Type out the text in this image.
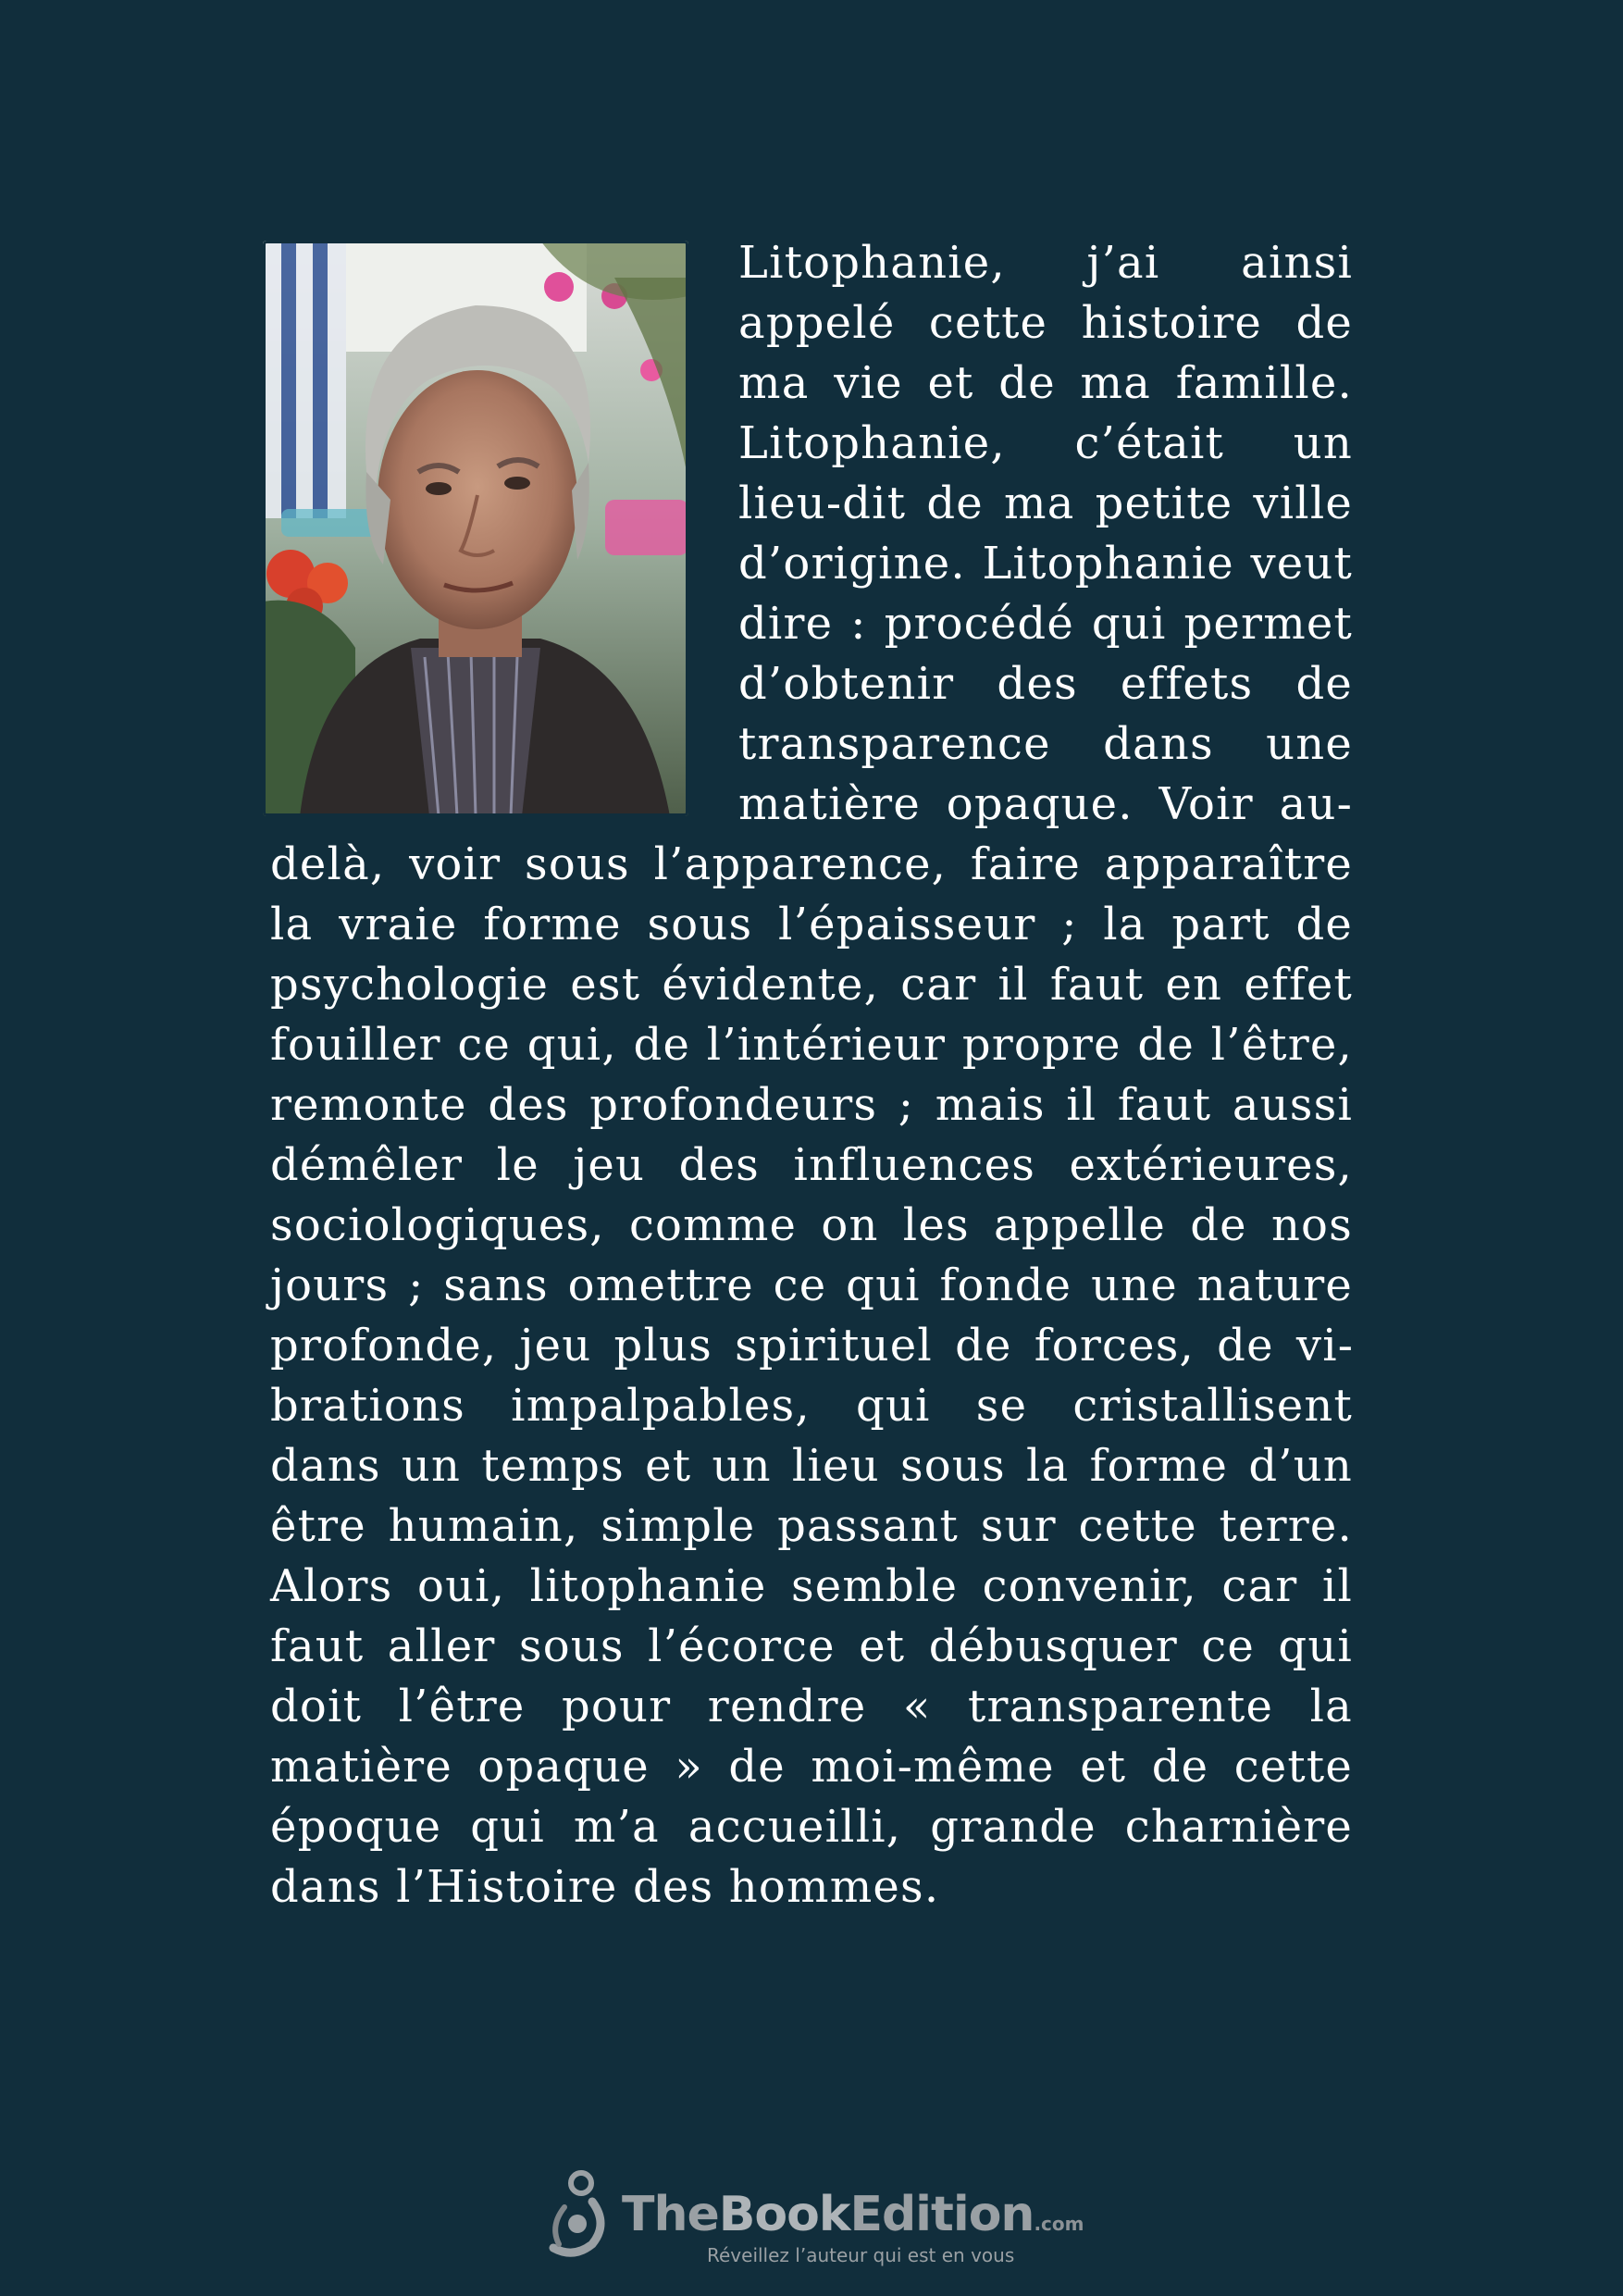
Litophanie, j’ai ainsi appelé cette histoire de ma vie et de ma famille. Litophanie, c’était un lieu-dit de ma petite ville d’origine. Litophanie veut dire : procédé qui permet d’obtenir des effets de transparence dans une matière opaque. Voir au-delà, voir sous l’apparence, faire apparaître la vraie forme sous l’épaisseur ; la part de psychologie est évidente, car il faut en effet fouiller ce qui, de l’intérieur propre de l’être, remonte des profondeurs ; mais il faut aussi démêler le jeu des influences extérieures, sociologiques, comme on les appelle de nos jours ; sans omettre ce qui fonde une nature profonde, jeu plus spirituel de forces, de vibrations impalpables, qui se cristallisent dans un temps et un lieu sous la forme d’un être humain, simple passant sur cette terre. Alors oui, litophanie semble convenir, car il faut aller sous l’écorce et débusquer ce qui doit l’être pour rendre « transparente la matière opaque » de moi-même et de cette époque qui m’a accueilli, grande charnière dans l’Histoire des hommes.

TheBookEdition.com
Réveillez l’auteur qui est en vous
